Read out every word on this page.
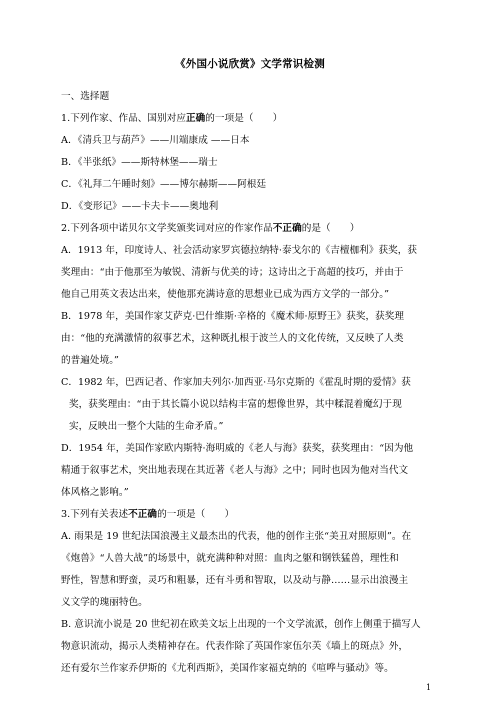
《外国小说欣赏》文学常识检测
一、选择题
1.下列作家、作品、国别对应正确的一项是（　　）
A．《清兵卫与葫芦》——川端康成 ——日本
B．《半张纸》——斯特林堡——瑞士
C．《礼拜二午睡时刻》——博尔赫斯——阿根廷
D．《变形记》——卡夫卡——奥地利
2.下列各项中诺贝尔文学奖颁奖词对应的作家作品不正确的是（　　）
A．1913 年，印度诗人、社会活动家罗宾德拉纳特·泰戈尔的《吉檀枷利》获奖，获
奖理由：“由于他那至为敏锐、清新与优美的诗；这诗出之于高超的技巧，并由于
他自己用英文表达出来，使他那充满诗意的思想业已成为西方文学的一部分。”
B．1978 年，美国作家艾萨克·巴什维斯·辛格的《魔术师·原野王》获奖，获奖理
由：“他的充满激情的叙事艺术，这种既扎根于波兰人的文化传统，又反映了人类
的普遍处境。”
C．1982 年，巴西记者、作家加夫列尔·加西亚·马尔克斯的《霍乱时期的爱情》获
奖，获奖理由：“由于其长篇小说以结构丰富的想像世界，其中糅混着魔幻于现
实，反映出一整个大陆的生命矛盾。”
D．1954 年，美国作家欧内斯特·海明威的《老人与海》获奖，获奖理由：“因为他
精通于叙事艺术，突出地表现在其近著《老人与海》之中；同时也因为他对当代文
体风格之影响。”
3.下列有关表述不正确的一项是（　　）
A. 雨果是 19 世纪法国浪漫主义最杰出的代表，他的创作主张“美丑对照原则”。在
《炮兽》“人兽大战”的场景中，就充满种种对照：血肉之躯和钢铁猛兽，理性和
野性，智慧和野蛮，灵巧和粗暴，还有斗勇和智取，以及动与静……显示出浪漫主
义文学的瑰丽特色。
B. 意识流小说是 20 世纪初在欧美文坛上出现的一个文学流派，创作上侧重于描写人
物意识流动，揭示人类精神存在。代表作除了英国作家伍尔芙《墙上的斑点》外，
还有爱尔兰作家乔伊斯的《尤利西斯》，美国作家福克纳的《喧哗与骚动》等。
1
